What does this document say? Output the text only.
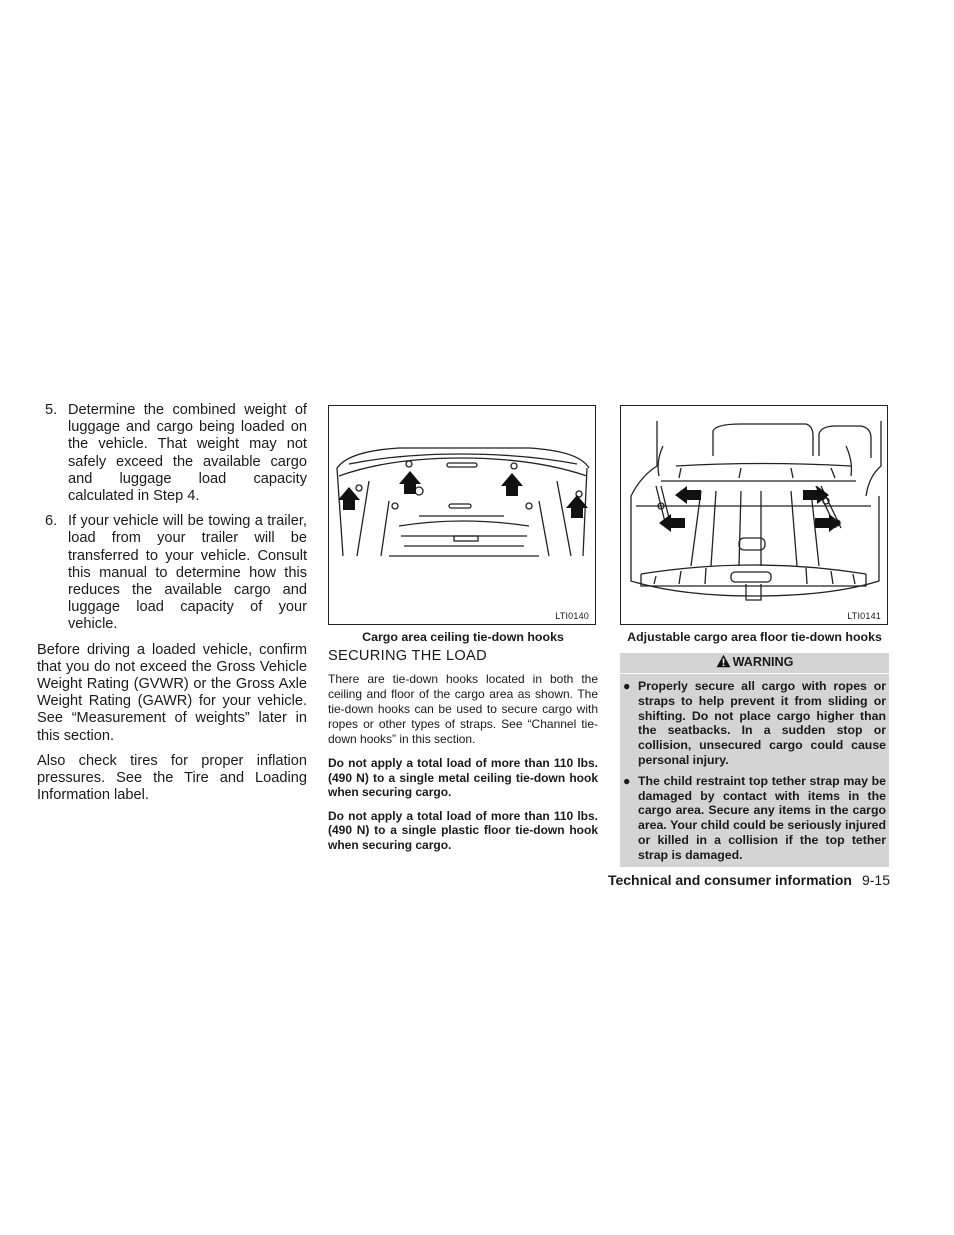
5. Determine the combined weight of luggage and cargo being loaded on the vehicle. That weight may not safely exceed the available cargo and luggage load capacity calculated in Step 4.
6. If your vehicle will be towing a trailer, load from your trailer will be transferred to your vehicle. Consult this manual to determine how this reduces the available cargo and luggage load capacity of your vehicle.

Before driving a loaded vehicle, confirm that you do not exceed the Gross Vehicle Weight Rating (GVWR) or the Gross Axle Weight Rating (GAWR) for your vehicle. See “Measurement of weights” later in this section.

Also check tires for proper inflation pressures. See the Tire and Loading Information label.

LTI0140
Cargo area ceiling tie-down hooks
SECURING THE LOAD

There are tie-down hooks located in both the ceiling and floor of the cargo area as shown. The tie-down hooks can be used to secure cargo with ropes or other types of straps. See “Channel tie-down hooks” in this section.

Do not apply a total load of more than 110 lbs. (490 N) to a single metal ceiling tie-down hook when securing cargo.

Do not apply a total load of more than 110 lbs. (490 N) to a single plastic floor tie-down hook when securing cargo.

LTI0141
Adjustable cargo area floor tie-down hooks
WARNING
● Properly secure all cargo with ropes or straps to help prevent it from sliding or shifting. Do not place cargo higher than the seatbacks. In a sudden stop or collision, unsecured cargo could cause personal injury.
● The child restraint top tether strap may be damaged by contact with items in the cargo area. Secure any items in the cargo area. Your child could be seriously injured or killed in a collision if the top tether strap is damaged.
Technical and consumer information 9-15
